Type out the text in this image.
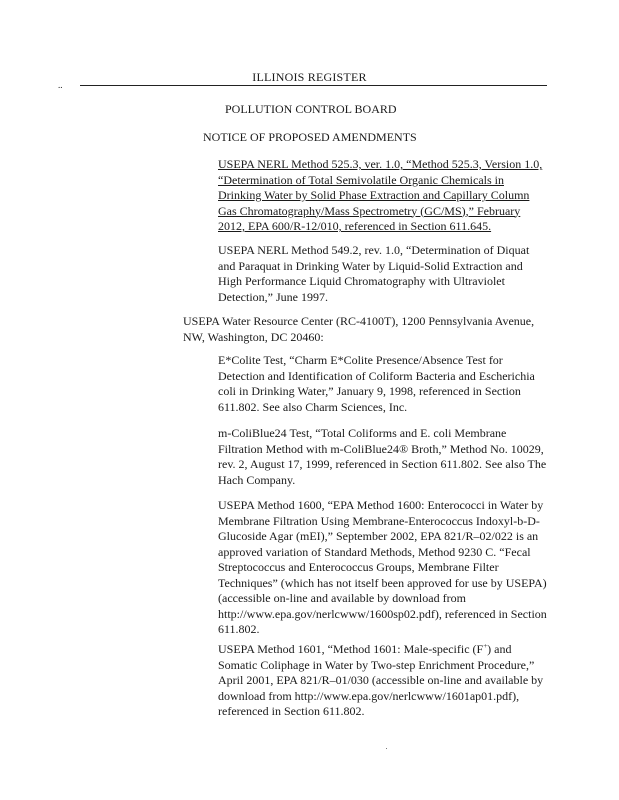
..
ILLINOIS REGISTER
POLLUTION CONTROL BOARD
NOTICE OF PROPOSED AMENDMENTS
USEPA NERL Method 525.3, ver. 1.0, “Method 525.3, Version 1.0, “Determination of Total Semivolatile Organic Chemicals in Drinking Water by Solid Phase Extraction and Capillary Column Gas Chromatography/Mass Spectrometry (GC/MS),” February 2012, EPA 600/R-12/010, referenced in Section 611.645.
USEPA NERL Method 549.2, rev. 1.0, “Determination of Diquat and Paraquat in Drinking Water by Liquid-Solid Extraction and High Performance Liquid Chromatography with Ultraviolet Detection,” June 1997.
USEPA Water Resource Center (RC-4100T), 1200 Pennsylvania Avenue, NW, Washington, DC 20460:
E*Colite Test, “Charm E*Colite Presence/Absence Test for Detection and Identification of Coliform Bacteria and Escherichia coli in Drinking Water,” January 9, 1998, referenced in Section 611.802. See also Charm Sciences, Inc.
m-ColiBlue24 Test, “Total Coliforms and E. coli Membrane Filtration Method with m-ColiBlue24® Broth,” Method No. 10029, rev. 2, August 17, 1999, referenced in Section 611.802. See also The Hach Company.
USEPA Method 1600, “EPA Method 1600: Enterococci in Water by Membrane Filtration Using Membrane-Enterococcus Indoxyl-b-D- Glucoside Agar (mEI),” September 2002, EPA 821/R–02/022 is an approved variation of Standard Methods, Method 9230 C. “Fecal Streptococcus and Enterococcus Groups, Membrane Filter Techniques” (which has not itself been approved for use by USEPA) (accessible on-line and available by download from http://www.epa.gov/nerlcwww/1600sp02.pdf), referenced in Section 611.802.
USEPA Method 1601, “Method 1601: Male-specific (F+) and Somatic Coliphage in Water by Two-step Enrichment Procedure,” April 2001, EPA 821/R–01/030 (accessible on-line and available by download from http://www.epa.gov/nerlcwww/1601ap01.pdf), referenced in Section 611.802.
